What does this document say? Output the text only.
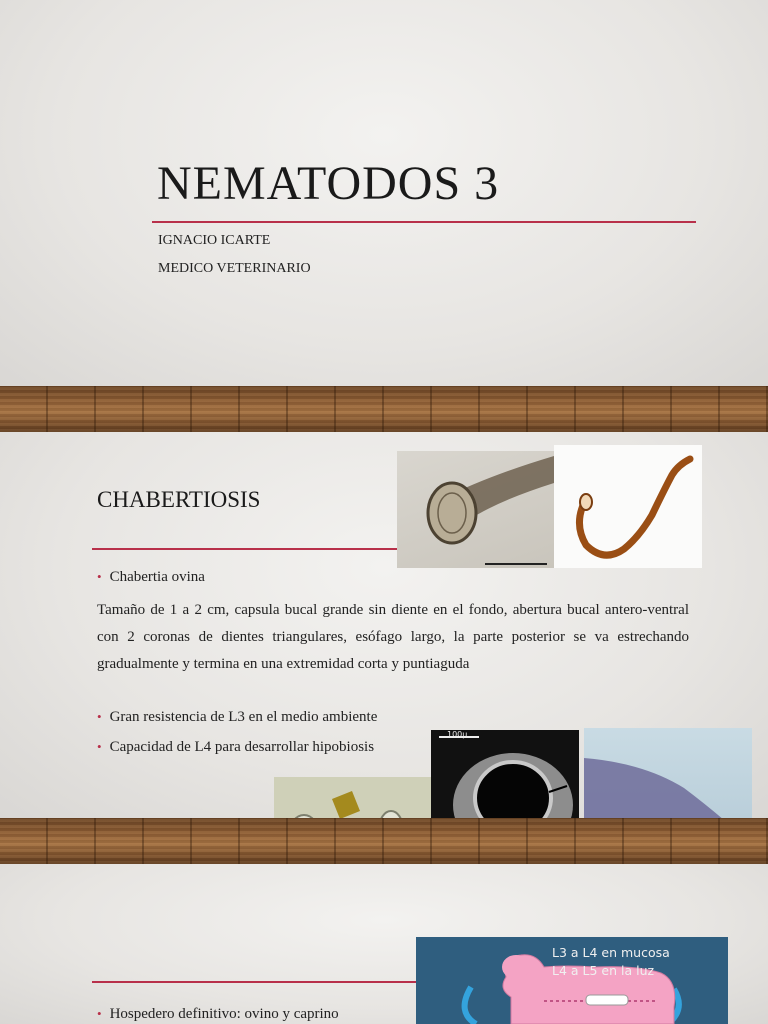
NEMATODOS 3
IGNACIO ICARTE
MEDICO VETERINARIO
CHABERTIOSIS
• Chabertia ovina

Tamaño de 1 a 2 cm, capsula bucal grande sin diente en el fondo, abertura bucal antero-ventral con 2 coronas de dientes triangulares, esófago largo, la parte posterior se va estrechando gradualmente y termina en una extremidad corta y puntiaguda

• Gran resistencia de L3 en el medio ambiente
• Capacidad de L4 para desarrollar hipobiosis
100μ
• Hospedero definitivo: ovino y caprino
L3 a L4 en mucosa
L4 a L5 en la luz
